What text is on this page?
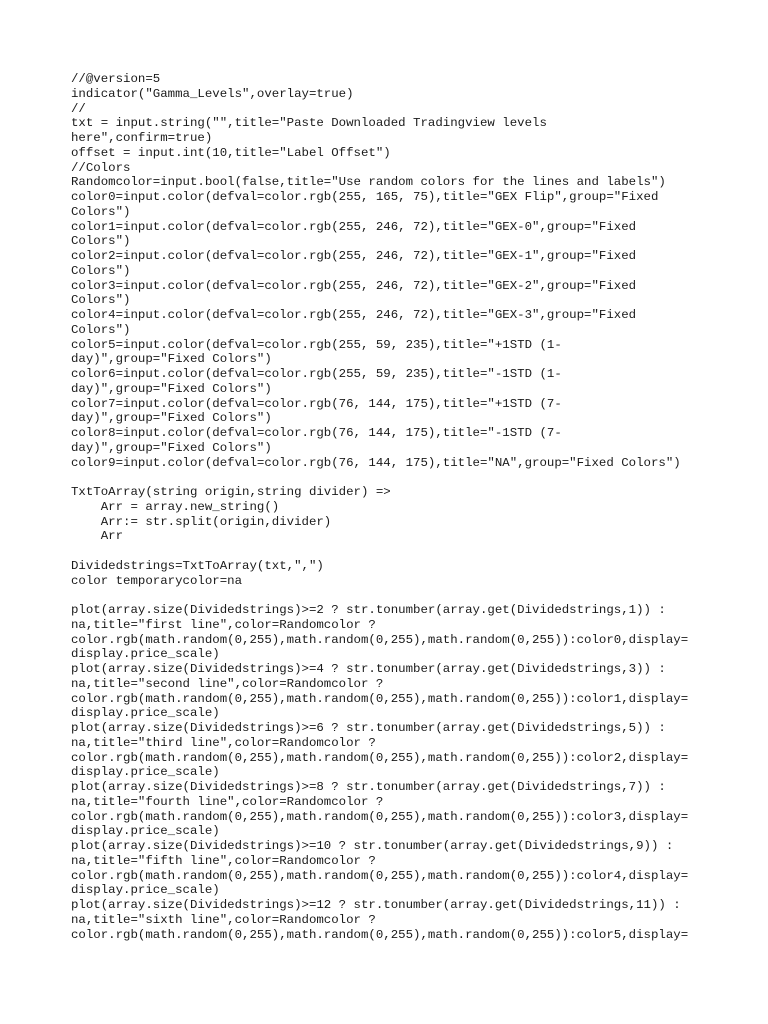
//@version=5
indicator("Gamma_Levels",overlay=true)
//
txt = input.string("",title="Paste Downloaded Tradingview levels
here",confirm=true)
offset = input.int(10,title="Label Offset")
//Colors
Randomcolor=input.bool(false,title="Use random colors for the lines and labels")
color0=input.color(defval=color.rgb(255, 165, 75),title="GEX Flip",group="Fixed
Colors")
color1=input.color(defval=color.rgb(255, 246, 72),title="GEX-0",group="Fixed
Colors")
color2=input.color(defval=color.rgb(255, 246, 72),title="GEX-1",group="Fixed
Colors")
color3=input.color(defval=color.rgb(255, 246, 72),title="GEX-2",group="Fixed
Colors")
color4=input.color(defval=color.rgb(255, 246, 72),title="GEX-3",group="Fixed
Colors")
color5=input.color(defval=color.rgb(255, 59, 235),title="+1STD (1-
day)",group="Fixed Colors")
color6=input.color(defval=color.rgb(255, 59, 235),title="-1STD (1-
day)",group="Fixed Colors")
color7=input.color(defval=color.rgb(76, 144, 175),title="+1STD (7-
day)",group="Fixed Colors")
color8=input.color(defval=color.rgb(76, 144, 175),title="-1STD (7-
day)",group="Fixed Colors")
color9=input.color(defval=color.rgb(76, 144, 175),title="NA",group="Fixed Colors")
TxtToArray(string origin,string divider) =>
Arr = array.new_string()
Arr:= str.split(origin,divider)
Arr
Dividedstrings=TxtToArray(txt,",")
color temporarycolor=na
plot(array.size(Dividedstrings)>=2 ? str.tonumber(array.get(Dividedstrings,1)) :
na,title="first line",color=Randomcolor ?
color.rgb(math.random(0,255),math.random(0,255),math.random(0,255)):color0,display=
display.price_scale)
plot(array.size(Dividedstrings)>=4 ? str.tonumber(array.get(Dividedstrings,3)) :
na,title="second line",color=Randomcolor ?
color.rgb(math.random(0,255),math.random(0,255),math.random(0,255)):color1,display=
display.price_scale)
plot(array.size(Dividedstrings)>=6 ? str.tonumber(array.get(Dividedstrings,5)) :
na,title="third line",color=Randomcolor ?
color.rgb(math.random(0,255),math.random(0,255),math.random(0,255)):color2,display=
display.price_scale)
plot(array.size(Dividedstrings)>=8 ? str.tonumber(array.get(Dividedstrings,7)) :
na,title="fourth line",color=Randomcolor ?
color.rgb(math.random(0,255),math.random(0,255),math.random(0,255)):color3,display=
display.price_scale)
plot(array.size(Dividedstrings)>=10 ? str.tonumber(array.get(Dividedstrings,9)) :
na,title="fifth line",color=Randomcolor ?
color.rgb(math.random(0,255),math.random(0,255),math.random(0,255)):color4,display=
display.price_scale)
plot(array.size(Dividedstrings)>=12 ? str.tonumber(array.get(Dividedstrings,11)) :
na,title="sixth line",color=Randomcolor ?
color.rgb(math.random(0,255),math.random(0,255),math.random(0,255)):color5,display=
